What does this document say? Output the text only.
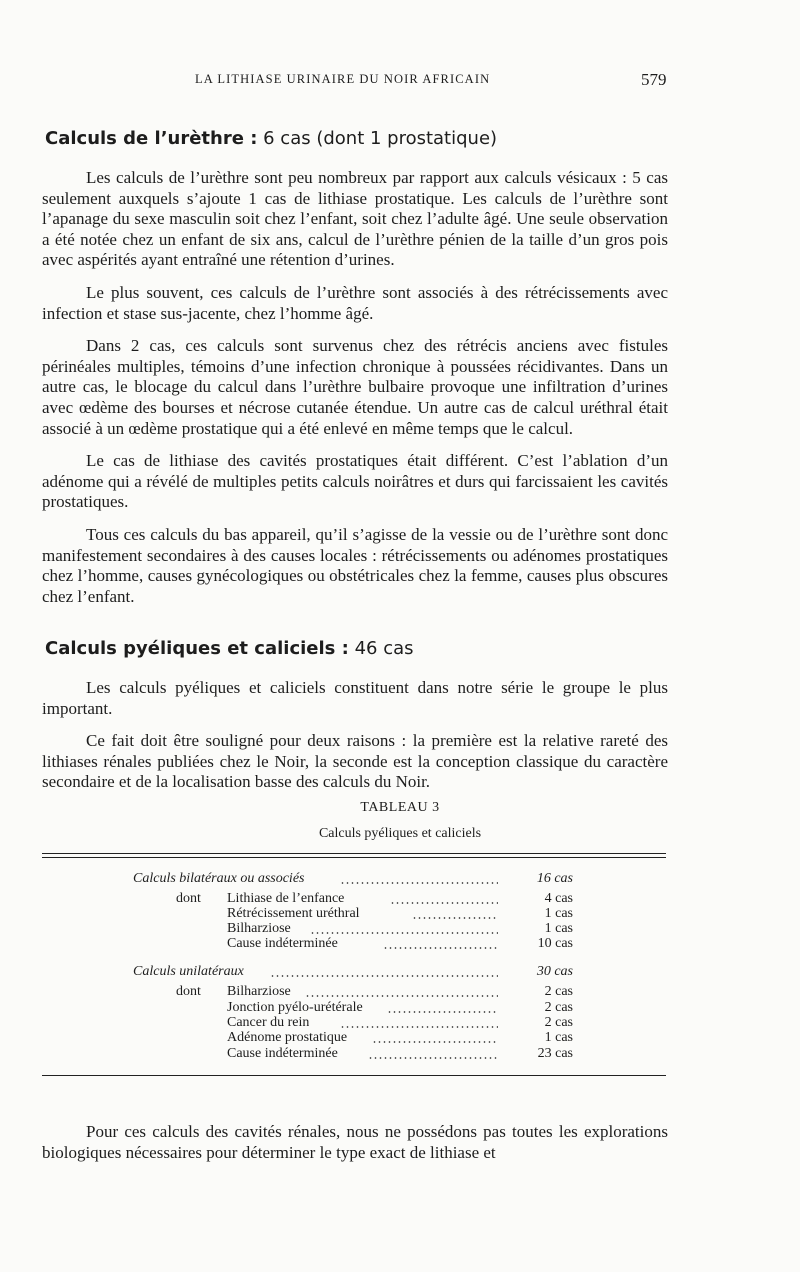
LA LITHIASE URINAIRE DU NOIR AFRICAIN	579
Calculs de l’urèthre : 6 cas (dont 1 prostatique)

Les calculs de l’urèthre sont peu nombreux par rapport aux calculs vésicaux : 5 cas seulement auxquels s’ajoute 1 cas de lithiase prostatique. Les calculs de l’urèthre sont l’apanage du sexe masculin soit chez l’enfant, soit chez l’adulte âgé. Une seule observation a été notée chez un enfant de six ans, calcul de l’urèthre pénien de la taille d’un gros pois avec aspérités ayant entraîné une rétention d’urines.

Le plus souvent, ces calculs de l’urèthre sont associés à des rétrécissements avec infection et stase sus-jacente, chez l’homme âgé.

Dans 2 cas, ces calculs sont survenus chez des rétrécis anciens avec fistules périnéales multiples, témoins d’une infection chronique à poussées récidivantes. Dans un autre cas, le blocage du calcul dans l’urèthre bulbaire provoque une infiltration d’urines avec œdème des bourses et nécrose cutanée étendue. Un autre cas de calcul uréthral était associé à un œdème prostatique qui a été enlevé en même temps que le calcul.

Le cas de lithiase des cavités prostatiques était différent. C’est l’ablation d’un adénome qui a révélé de multiples petits calculs noirâtres et durs qui farcissaient les cavités prostatiques.

Tous ces calculs du bas appareil, qu’il s’agisse de la vessie ou de l’urèthre sont donc manifestement secondaires à des causes locales : rétrécissements ou adénomes prostatiques chez l’homme, causes gynécologiques ou obstétricales chez la femme, causes plus obscures chez l’enfant.

Calculs pyéliques et caliciels : 46 cas

Les calculs pyéliques et caliciels constituent dans notre série le groupe le plus important.

Ce fait doit être souligné pour deux raisons : la première est la relative rareté des lithiases rénales publiées chez le Noir, la seconde est la conception classique du caractère secondaire et de la localisation basse des calculs du Noir.

TABLEAU 3
Calculs pyéliques et caliciels
Calculs bilatéraux ou associés	16 cas
dont Lithiase de l’enfance	4 cas
Rétrécissement uréthral	1 cas
Bilharziose	1 cas
Cause indéterminée	10 cas
Calculs unilatéraux	30 cas
dont Bilharziose	2 cas
Jonction pyélo-urétérale	2 cas
Cancer du rein	2 cas
Adénome prostatique	1 cas
Cause indéterminée	23 cas

Pour ces calculs des cavités rénales, nous ne possédons pas toutes les explorations biologiques nécessaires pour déterminer le type exact de lithiase et
